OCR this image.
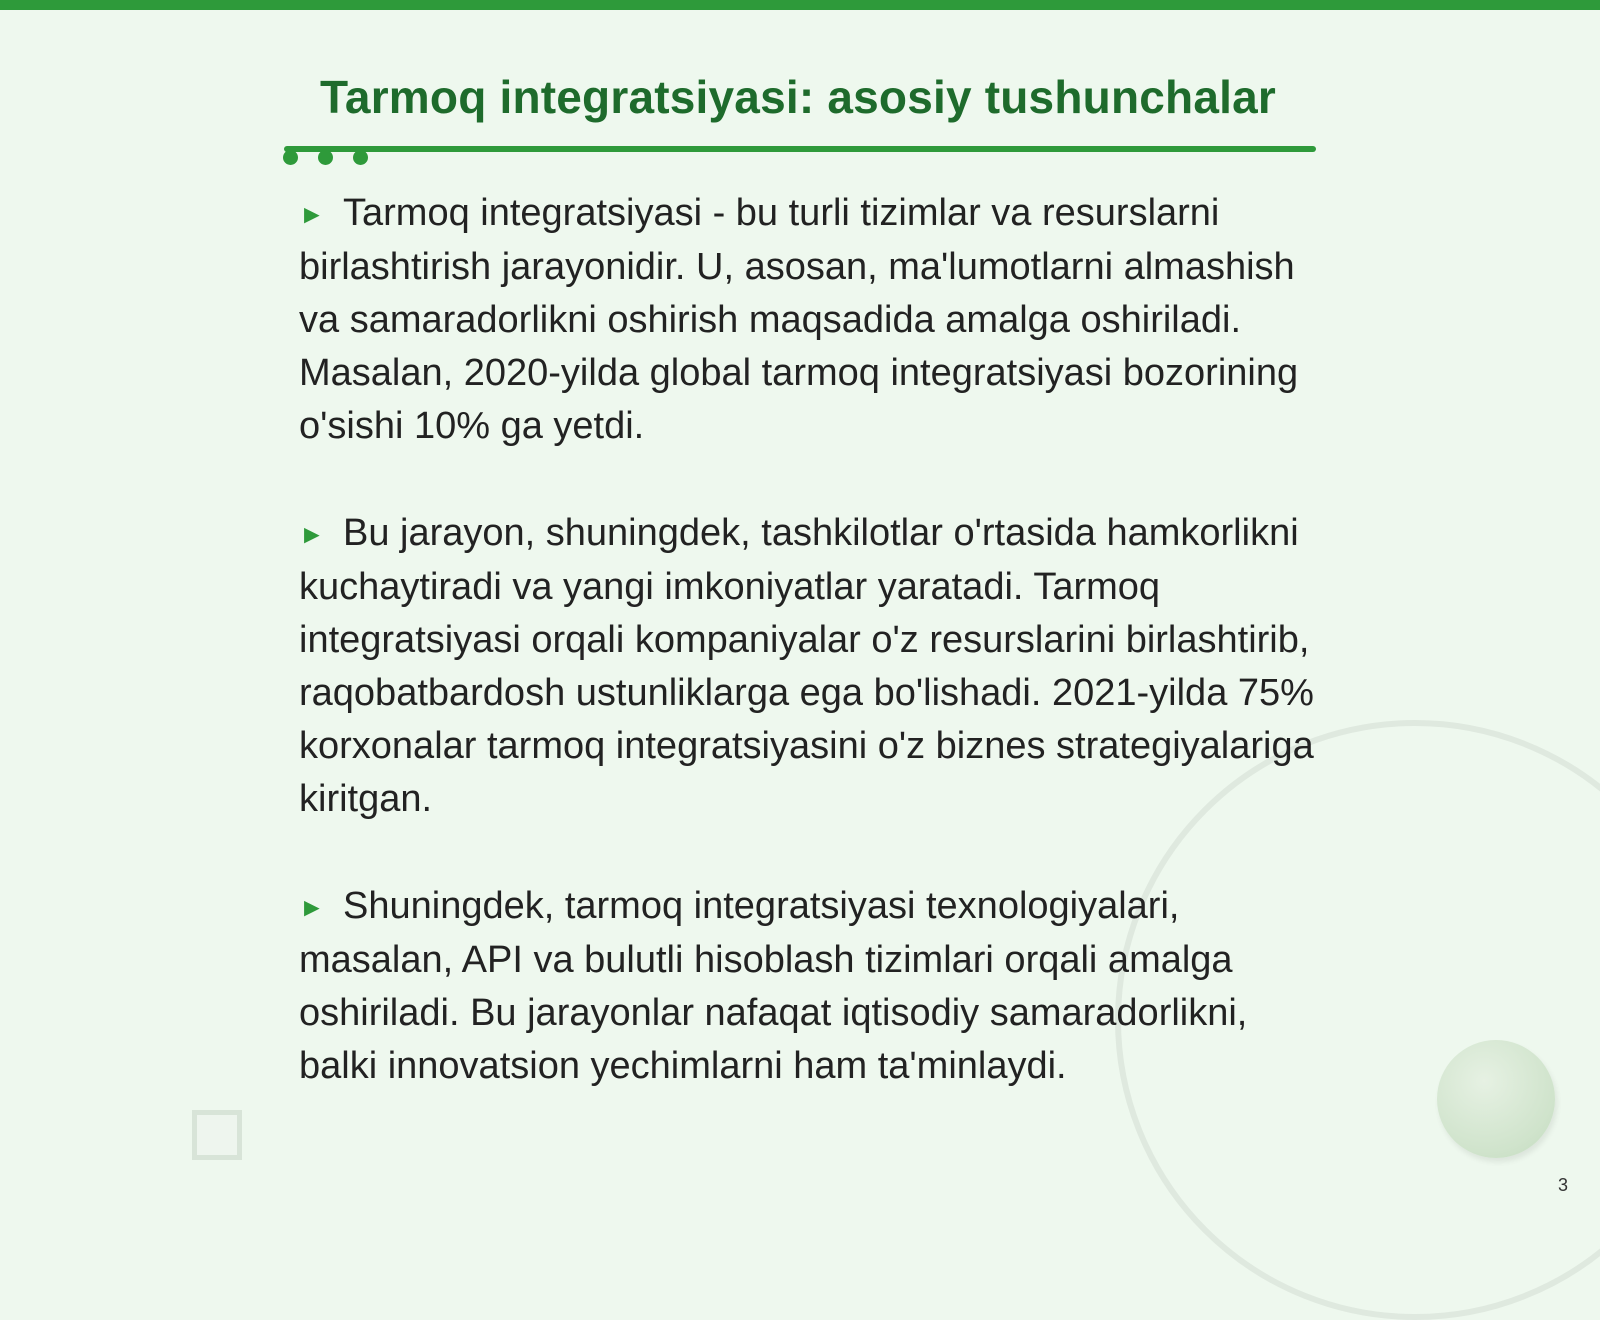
Tarmoq integratsiyasi: asosiy tushunchalar

► Tarmoq integratsiyasi - bu turli tizimlar va resurslarni birlashtirish jarayonidir. U, asosan, ma'lumotlarni almashish va samaradorlikni oshirish maqsadida amalga oshiriladi. Masalan, 2020-yilda global tarmoq integratsiyasi bozorining o'sishi 10% ga yetdi.

► Bu jarayon, shuningdek, tashkilotlar o'rtasida hamkorlikni kuchaytiradi va yangi imkoniyatlar yaratadi. Tarmoq integratsiyasi orqali kompaniyalar o'z resurslarini birlashtirib, raqobatbardosh ustunliklarga ega bo'lishadi. 2021-yilda 75% korxonalar tarmoq integratsiyasini o'z biznes strategiyalariga kiritgan.

► Shuningdek, tarmoq integratsiyasi texnologiyalari, masalan, API va bulutli hisoblash tizimlari orqali amalga oshiriladi. Bu jarayonlar nafaqat iqtisodiy samaradorlikni, balki innovatsion yechimlarni ham ta'minlaydi.

3
